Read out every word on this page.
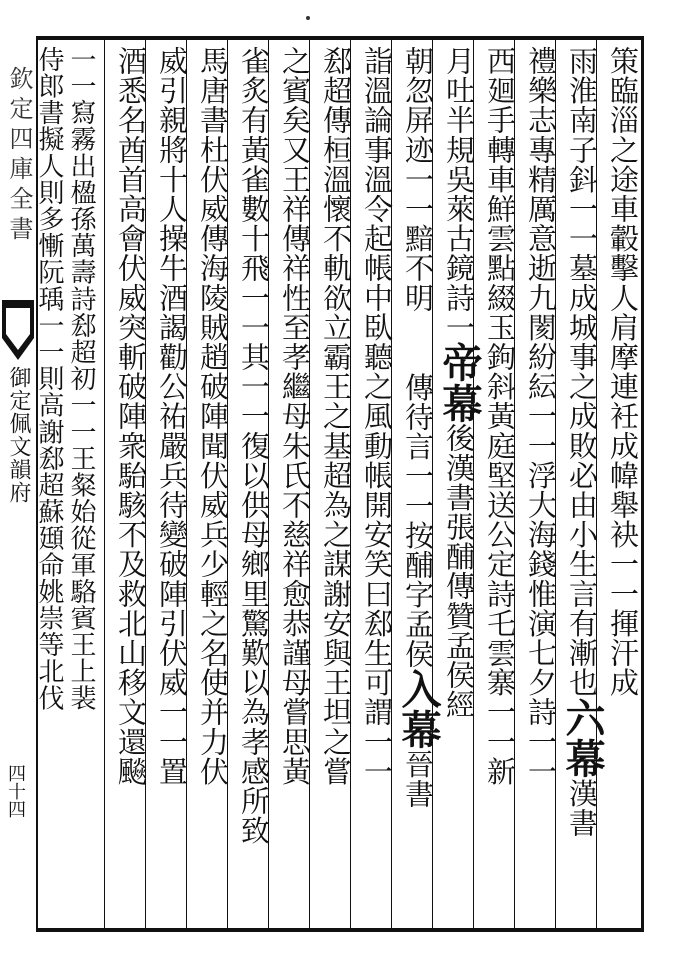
欽定四庫全書
御定佩文韻府
四十四
策臨淄之途車轂擊人肩摩連衽成幃舉袂一一揮汗成
雨淮南子鈄一一墓成城事之成敗必由小生言有漸也六幕漢書
禮樂志專精厲意逝九閡紛紜一一浮大海錢惟演七夕詩一一
西廻手轉車鮮雲點綴玉鉤斜黃庭堅送公定詩乇雲寨一一新
月吐半規吳萊古鏡詩一帝幕後漢書張酺傳贊孟侯經
朝忽屏迹一一黯不明傳待言一一按酺字孟侯入幕晉書
詣溫論事溫令起帳中臥聽之風動帳開安笑曰郄生可謂一一
郄超傳桓溫懷不軌欲立霸王之基超為之謀謝安與王坦之嘗
之賓矣又王祥傳祥性至孝繼母朱氏不慈祥愈恭謹母嘗思黃
雀炙有黃雀數十飛一一其一一復以供母鄉里驚歎以為孝感所致
馬唐書杜伏威傳海陵賊趙破陣聞伏威兵少輕之名使并力伏
威引親將十人操牛酒謁勸公祐嚴兵待變破陣引伏威一一置
酒悉名酋首高會伏威突斬破陣衆駘駭不及救北山移文還飈
一一寫霧出楹孫萬壽詩郄超初一一王粲始從軍駱賓王上裴
侍郎書擬人則多慚阮瑀一一則高謝郄超蘇頲命姚崇等北伐
